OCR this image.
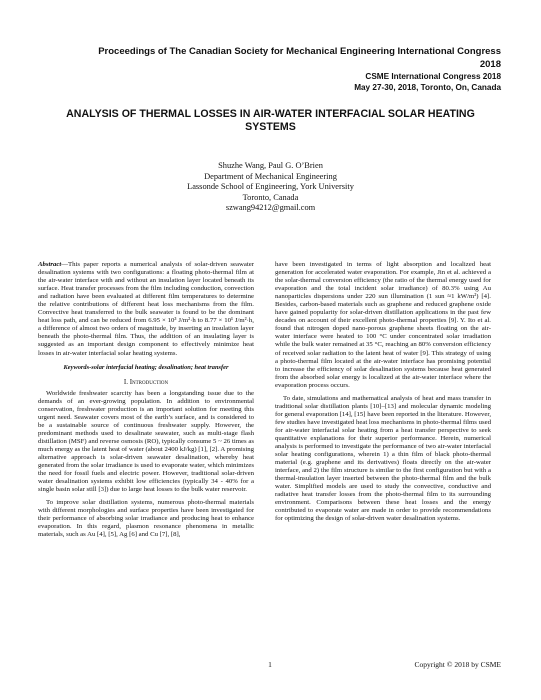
Proceedings of The Canadian Society for Mechanical Engineering International Congress 2018
CSME International Congress 2018
May 27-30, 2018, Toronto, On, Canada
ANALYSIS OF THERMAL LOSSES IN AIR-WATER INTERFACIAL SOLAR HEATING SYSTEMS
Shuzhe Wang, Paul G. O’Brien
Department of Mechanical Engineering
Lassonde School of Engineering, York University
Toronto, Canada
szwang94212@gmail.com

Abstract—This paper reports a numerical analysis of solar-driven seawater desalination systems with two configurations: a floating photo-thermal film at the air-water interface with and without an insulation layer located beneath its surface. Heat transfer processes from the film including conduction, convection and radiation have been evaluated at different film temperatures to determine the relative contributions of different heat loss mechanisms from the film. Convective heat transferred to the bulk seawater is found to be the dominant heat loss path, and can be reduced from 6.95 × 10³ J/m²·h to 8.77 × 10¹ J/m²·h, a difference of almost two orders of magnitude, by inserting an insulation layer beneath the photo-thermal film. Thus, the addition of an insulating layer is suggested as an important design component to effectively minimize heat losses in air-water interfacial solar heating systems.

Keywords-solar interfacial heating; desalination; heat transfer
I. Introduction

Worldwide freshwater scarcity has been a longstanding issue due to the demands of an ever-growing population. In addition to environmental conservation, freshwater production is an important solution for meeting this urgent need. Seawater covers most of the earth’s surface, and is considered to be a sustainable source of continuous freshwater supply. However, the predominant methods used to desalinate seawater, such as multi-stage flash distillation (MSF) and reverse osmosis (RO), typically consume 5 ~ 26 times as much energy as the latent heat of water (about 2400 kJ/kg) [1], [2]. A promising alternative approach is solar-driven seawater desalination, whereby heat generated from the solar irradiance is used to evaporate water, which minimizes the need for fossil fuels and electric power. However, traditional solar-driven water desalination systems exhibit low efficiencies (typically 34 - 40% for a single basin solar still [3]) due to large heat losses to the bulk water reservoir.

To improve solar distillation systems, numerous photo-thermal materials with different morphologies and surface properties have been investigated for their performance of absorbing solar irradiance and producing heat to enhance evaporation. In this regard, plasmon resonance phenomena in metallic materials, such as Au [4], [5], Ag [6] and Cu [7], [8],

have been investigated in terms of light absorption and localized heat generation for accelerated water evaporation. For example, Jin et al. achieved a the solar-thermal conversion efficiency (the ratio of the thermal energy used for evaporation and the total incident solar irradiance) of 80.3% using Au nanoparticles dispersions under 220 sun illumination (1 sun ≈1 kW/m²) [4]. Besides, carbon-based materials such as graphene and reduced graphene oxide have gained popularity for solar-driven distillation applications in the past few decades on account of their excellent photo-thermal properties [9]. Y. Ito et al. found that nitrogen doped nano-porous graphene sheets floating on the air-water interface were heated to 100 °C under concentrated solar irradiation while the bulk water remained at 35 °C, reaching an 80% conversion efficiency of received solar radiation to the latent heat of water [9]. This strategy of using a photo-thermal film located at the air-water interface has promising potential to increase the efficiency of solar desalination systems because heat generated from the absorbed solar energy is localized at the air-water interface where the evaporation process occurs.

To date, simulations and mathematical analysis of heat and mass transfer in traditional solar distillation plants [10]–[13] and molecular dynamic modeling for general evaporation [14], [15] have been reported in the literature. However, few studies have investigated heat loss mechanisms in photo-thermal films used for air-water interfacial solar heating from a heat transfer perspective to seek quantitative explanations for their superior performance. Herein, numerical analysis is performed to investigate the performance of two air-water interfacial solar heating configurations, wherein 1) a thin film of black photo-thermal material (e.g. graphene and its derivatives) floats directly on the air-water interface, and 2) the film structure is similar to the first configuration but with a thermal-insulation layer inserted between the photo-thermal film and the bulk water. Simplified models are used to study the convective, conductive and radiative heat transfer losses from the photo-thermal film to its surrounding environment. Comparisons between these heat losses and the energy contributed to evaporate water are made in order to provide recommendations for optimizing the design of solar-driven water desalination systems.

1	Copyright © 2018 by CSME
